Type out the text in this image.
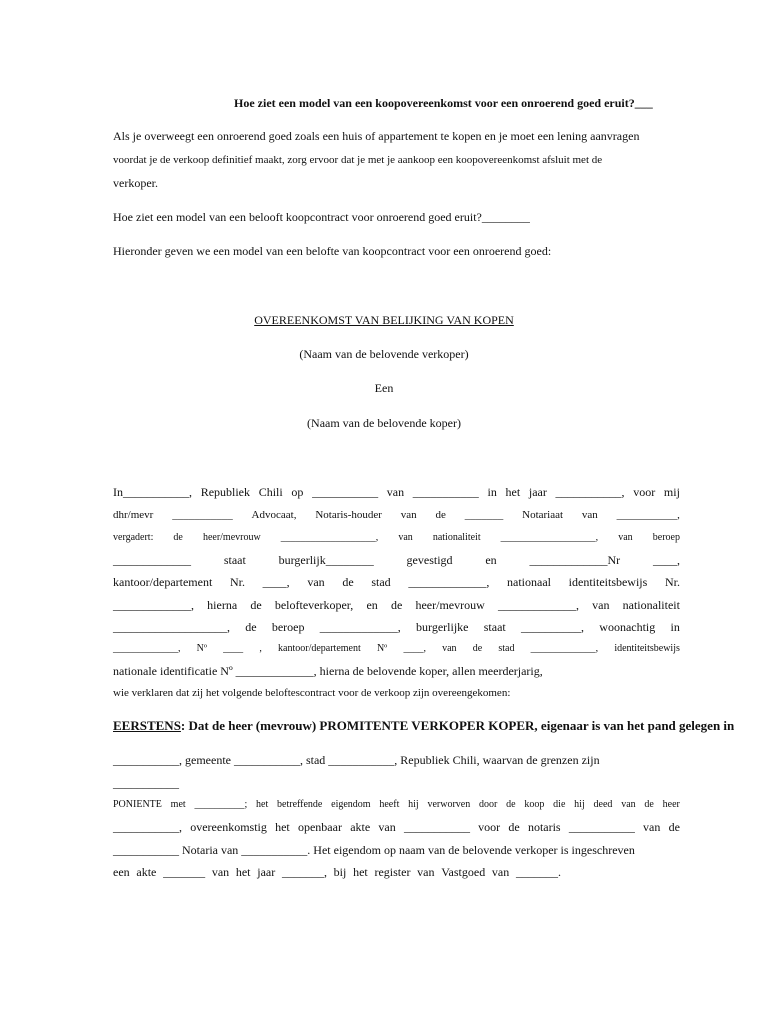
Hoe ziet een model van een koopovereenkomst voor een onroerend goed eruit?___
Als je overweegt een onroerend goed zoals een huis of appartement te kopen en je moet een lening aanvragen
voordat je de verkoop definitief maakt, zorg ervoor dat je met je aankoop een koopovereenkomst afsluit met de
verkoper.
Hoe ziet een model van een belooft koopcontract voor onroerend goed eruit?________
Hieronder geven we een model van een belofte van koopcontract voor een onroerend goed:
OVEREENKOMST VAN BELIJKING VAN KOPEN
(Naam van de belovende verkoper)
Een
(Naam van de belovende koper)
In___________, Republiek Chili op ___________ van ___________ in het jaar ___________, voor mij
dhr/mevr ___________ Advocaat, Notaris-houder van de _______ Notariaat van ___________,
vergadert: de heer/mevrouw ___________________, van nationaliteit ___________________, van beroep
_____________	staat	burgerlijk________	gevestigd	en	_____________Nr	____,
kantoor/departement Nr. ____, van de stad _____________, nationaal identiteitsbewijs Nr.
_____________, hierna de belofteverkoper, en de heer/mevrouw _____________, van nationaliteit
___________________, de beroep _____________, burgerlijke staat __________, woonachtig in
_____________, Nº ____ , kantoor/departement Nº ____, van de stad _____________, identiteitsbewijs
nationale identificatie Nº _____________, hierna de belovende koper, allen meerderjarig,
wie verklaren dat zij het volgende beloftescontract voor de verkoop zijn overeengekomen:
EERSTENS: Dat de heer (mevrouw) PROMITENTE VERKOPER KOPER, eigenaar is van het pand gelegen in
___________, gemeente ___________, stad ___________, Republiek Chili, waarvan de grenzen zijn
___________
PONIENTE met __________; het betreffende eigendom heeft hij verworven door de koop die hij deed van de heer
___________, overeenkomstig het openbaar akte van ___________ voor de notaris ___________ van de
___________ Notaria van ___________. Het eigendom op naam van de belovende verkoper is ingeschreven
een akte _______ van het jaar _______, bij het register van Vastgoed van _______.
